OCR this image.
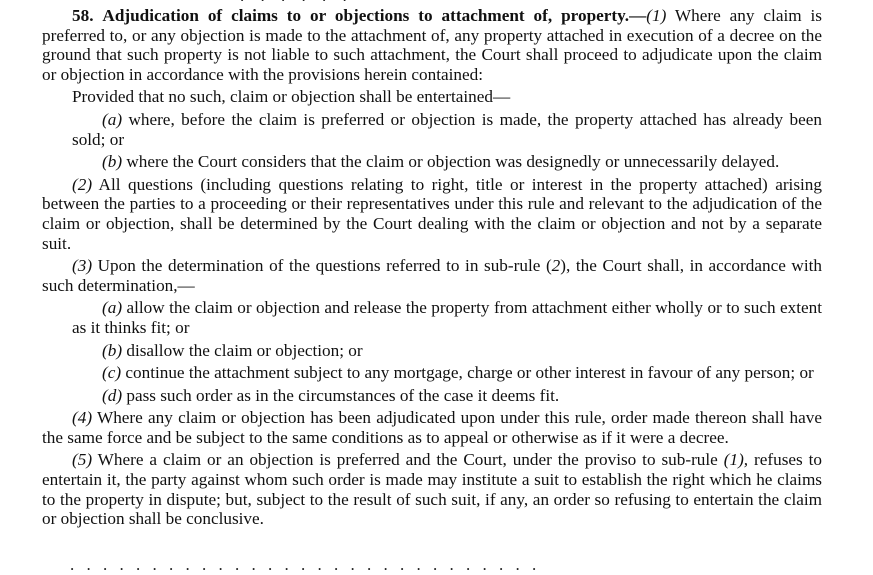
58. Adjudication of claims to or objections to attachment of, property.—(1) Where any claim is preferred to, or any objection is made to the attachment of, any property attached in execution of a decree on the ground that such property is not liable to such attachment, the Court shall proceed to adjudicate upon the claim or objection in accordance with the provisions herein contained:

Provided that no such, claim or objection shall be entertained—

(a) where, before the claim is preferred or objection is made, the property attached has already been sold; or

(b) where the Court considers that the claim or objection was designedly or unnecessarily delayed.

(2) All questions (including questions relating to right, title or interest in the property attached) arising between the parties to a proceeding or their representatives under this rule and relevant to the adjudication of the claim or objection, shall be determined by the Court dealing with the claim or objection and not by a separate suit.

(3) Upon the determination of the questions referred to in sub-rule (2), the Court shall, in accordance with such determination,—

(a) allow the claim or objection and release the property from attachment either wholly or to such extent as it thinks fit; or

(b) disallow the claim or objection; or

(c) continue the attachment subject to any mortgage, charge or other interest in favour of any person; or

(d) pass such order as in the circumstances of the case it deems fit.

(4) Where any claim or objection has been adjudicated upon under this rule, order made thereon shall have the same force and be subject to the same conditions as to appeal or otherwise as if it were a decree.

(5) Where a claim or an objection is preferred and the Court, under the proviso to sub-rule (1), refuses to entertain it, the party against whom such order is made may institute a suit to establish the right which he claims to the property in dispute; but, subject to the result of such suit, if any, an order so refusing to entertain the claim or objection shall be conclusive.

. . . . . . . . . . . . . . . . . . . . . . . . . . . . .
